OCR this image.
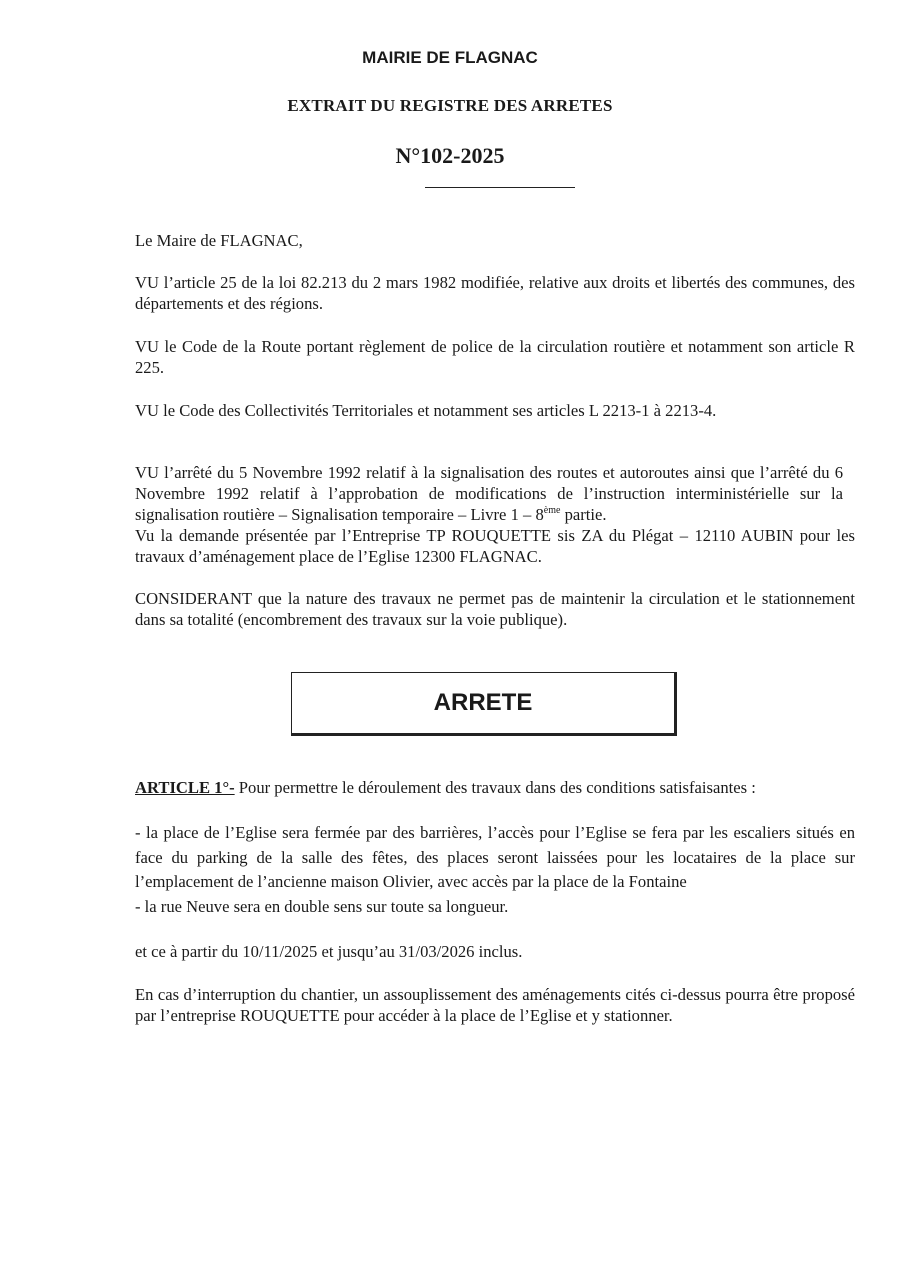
MAIRIE DE FLAGNAC
EXTRAIT DU REGISTRE DES ARRETES
N°102-2025

Le Maire de FLAGNAC,

VU l’article 25 de la loi 82.213 du 2 mars 1982 modifiée, relative aux droits et libertés des communes, des départements et des régions.

VU le Code de la Route portant règlement de police de la circulation routière et notamment son article R 225.

VU le Code des Collectivités Territoriales et notamment ses articles L 2213-1 à 2213-4.

VU l’arrêté du 5 Novembre 1992 relatif à la signalisation des routes et autoroutes ainsi que l’arrêté du 6 Novembre 1992 relatif à l’approbation de modifications de l’instruction interministérielle sur la signalisation routière – Signalisation temporaire – Livre 1 – 8ème partie.

Vu la demande présentée par l’Entreprise TP ROUQUETTE sis ZA du Plégat – 12110 AUBIN pour les travaux d’aménagement place de l’Eglise 12300 FLAGNAC.

CONSIDERANT que la nature des travaux ne permet pas de maintenir la circulation et le stationnement dans sa totalité (encombrement des travaux sur la voie publique).

ARRETE

ARTICLE 1°- Pour permettre le déroulement des travaux dans des conditions satisfaisantes :

- la place de l’Eglise sera fermée par des barrières, l’accès pour l’Eglise se fera par les escaliers situés en face du parking de la salle des fêtes, des places seront laissées pour les locataires de la place sur l’emplacement de l’ancienne maison Olivier, avec accès par la place de la Fontaine

- la rue Neuve sera en double sens sur toute sa longueur.

et ce à partir du 10/11/2025 et jusqu’au 31/03/2026 inclus.

En cas d’interruption du chantier, un assouplissement des aménagements cités ci-dessus pourra être proposé par l’entreprise ROUQUETTE pour accéder à la place de l’Eglise et y stationner.
